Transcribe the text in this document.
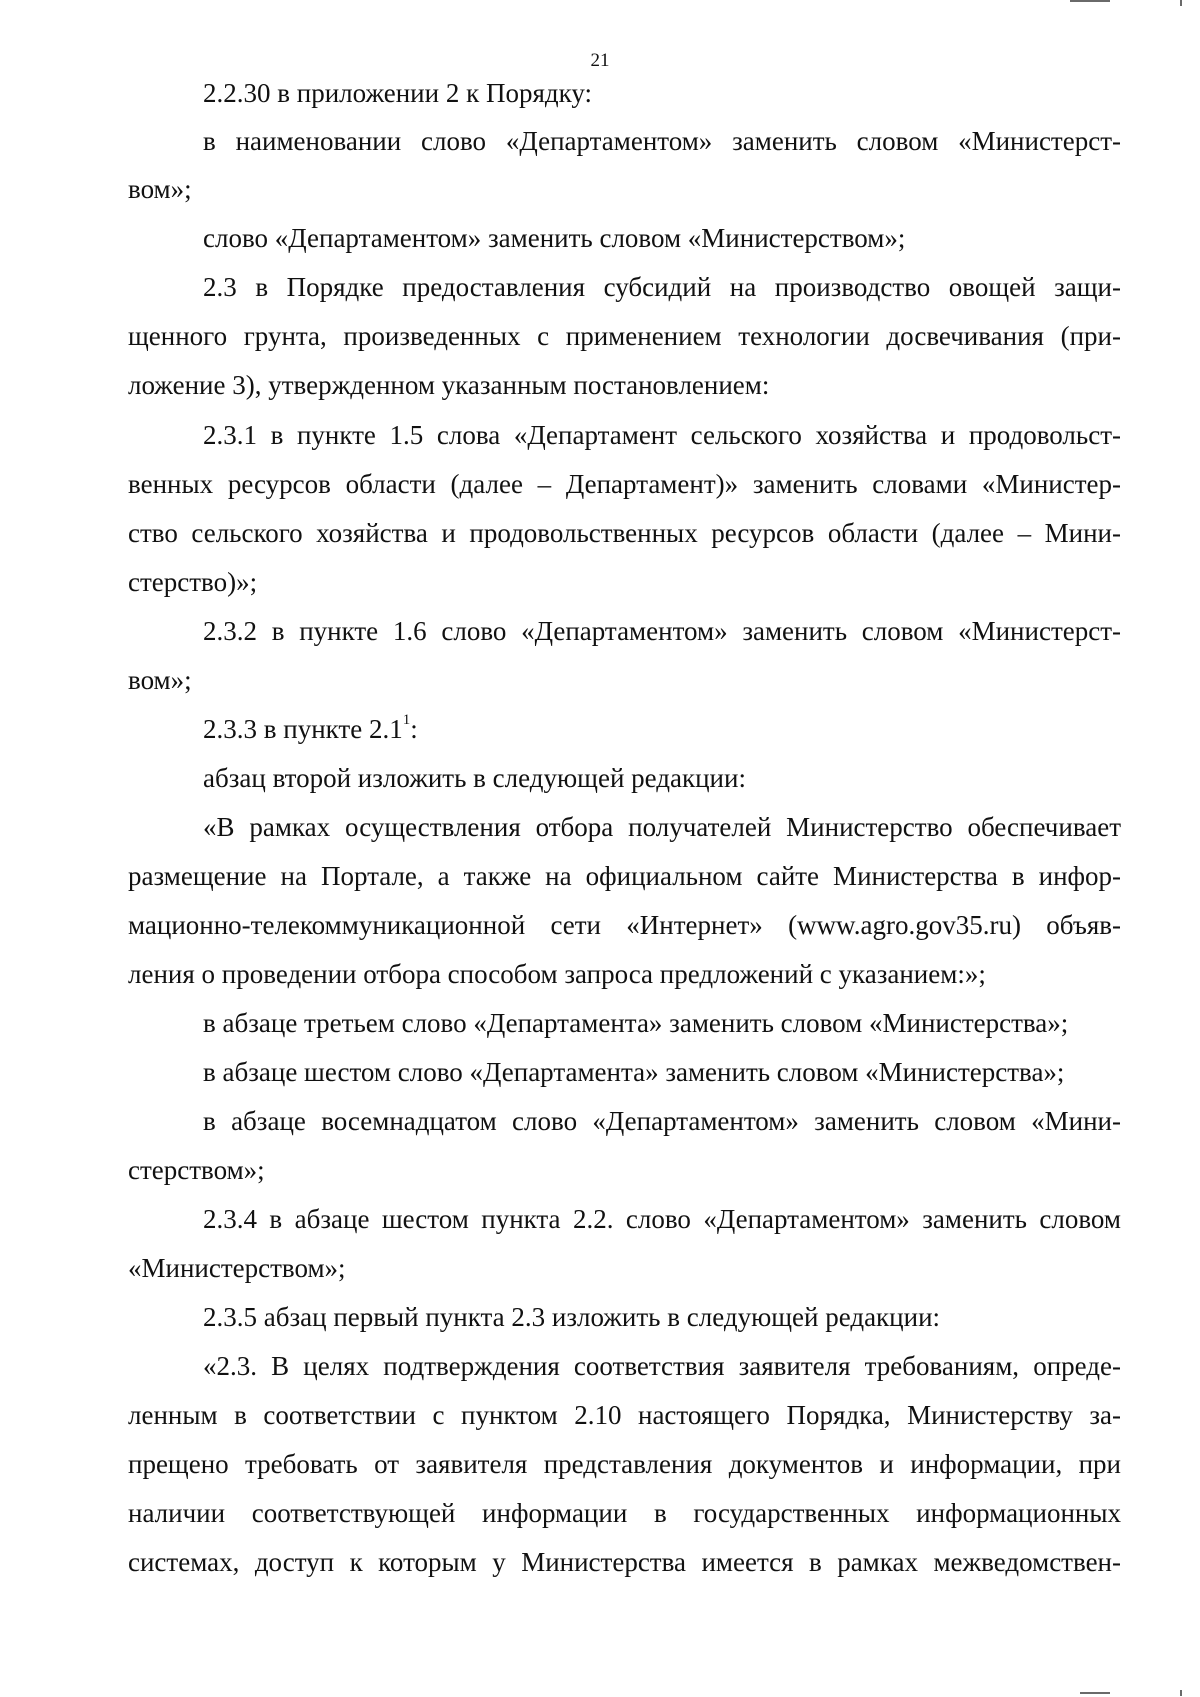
21
2.2.30 в приложении 2 к Порядку:
в наименовании слово «Департаментом» заменить словом «Министерст-
вом»;
слово «Департаментом» заменить словом «Министерством»;
2.3 в Порядке предоставления субсидий на производство овощей защи-
щенного грунта, произведенных с применением технологии досвечивания (при-
ложение 3), утвержденном указанным постановлением:
2.3.1 в пункте 1.5 слова «Департамент сельского хозяйства и продовольст-
венных ресурсов области (далее – Департамент)» заменить словами «Министер-
ство сельского хозяйства и продовольственных ресурсов области (далее – Мини-
стерство)»;
2.3.2 в пункте 1.6 слово «Департаментом» заменить словом «Министерст-
вом»;
2.3.3 в пункте $2.1^1$:
абзац второй изложить в следующей редакции:
«В рамках осуществления отбора получателей Министерство обеспечивает
размещение на Портале, а также на официальном сайте Министерства в инфор-
мационно-телекоммуникационной сети «Интернет» (www.agro.gov35.ru) объяв-
ления о проведении отбора способом запроса предложений с указанием:»;
в абзаце третьем слово «Департамента» заменить словом «Министерства»;
в абзаце шестом слово «Департамента» заменить словом «Министерства»;
в абзаце восемнадцатом слово «Департаментом» заменить словом «Мини-
стерством»;
2.3.4 в абзаце шестом пункта 2.2. слово «Департаментом» заменить словом
«Министерством»;
2.3.5 абзац первый пункта 2.3 изложить в следующей редакции:
«2.3. В целях подтверждения соответствия заявителя требованиям, опреде-
ленным в соответствии с пунктом 2.10 настоящего Порядка, Министерству за-
прещено требовать от заявителя представления документов и информации, при
наличии соответствующей информации в государственных информационных
системах, доступ к которым у Министерства имеется в рамках межведомствен-
